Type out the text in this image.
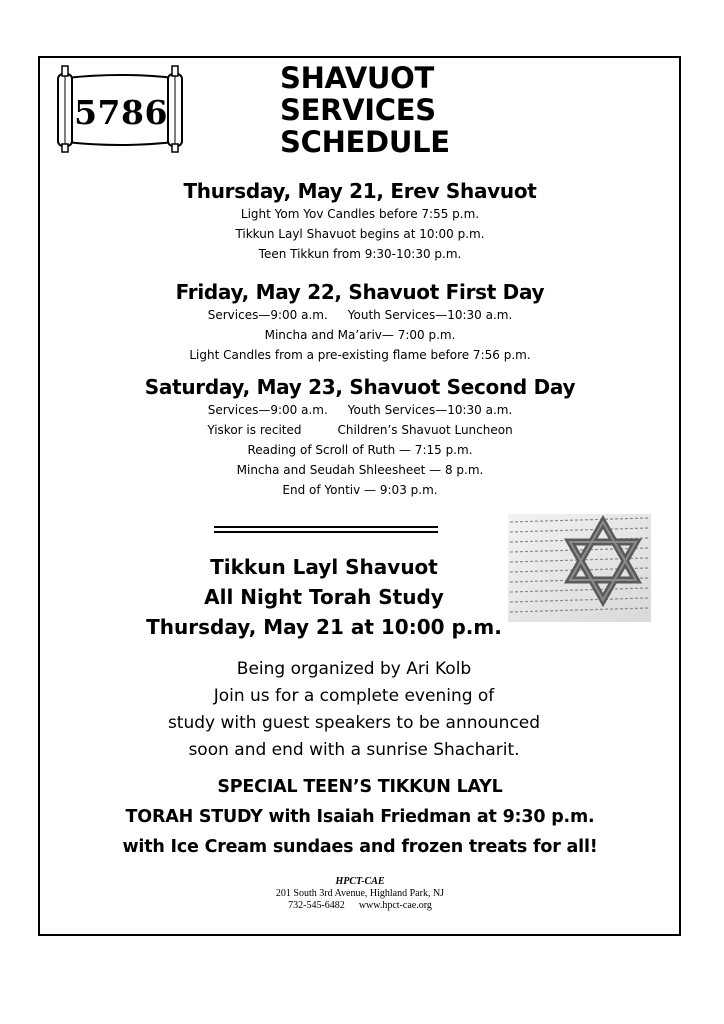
5786
SHAVUOT
SERVICES
SCHEDULE
Thursday, May 21, Erev Shavuot
Light Yom Yov Candles before 7:55 p.m.
Tikkun Layl Shavuot begins at 10:00 p.m.
Teen Tikkun from 9:30-10:30 p.m.
Friday, May 22, Shavuot First Day
Services—9:00 a.m. Youth Services—10:30 a.m.
Mincha and Ma’ariv— 7:00 p.m.
Light Candles from a pre-existing flame before 7:56 p.m.
Saturday, May 23, Shavuot Second Day
Services—9:00 a.m. Youth Services—10:30 a.m.
Yiskor is recited	Children’s Shavuot Luncheon
Reading of Scroll of Ruth — 7:15 p.m.
Mincha and Seudah Shleesheet — 8 p.m.
End of Yontiv — 9:03 p.m.
Tikkun Layl Shavuot
All Night Torah Study
Thursday, May 21 at 10:00 p.m.
Being organized by Ari Kolb
Join us for a complete evening of
study with guest speakers to be announced
soon and end with a sunrise Shacharit.
SPECIAL TEEN’S TIKKUN LAYL
TORAH STUDY with Isaiah Friedman at 9:30 p.m.
with Ice Cream sundaes and frozen treats for all!
HPCT-CAE
201 South 3rd Avenue, Highland Park, NJ
732-545-6482 www.hpct-cae.org
